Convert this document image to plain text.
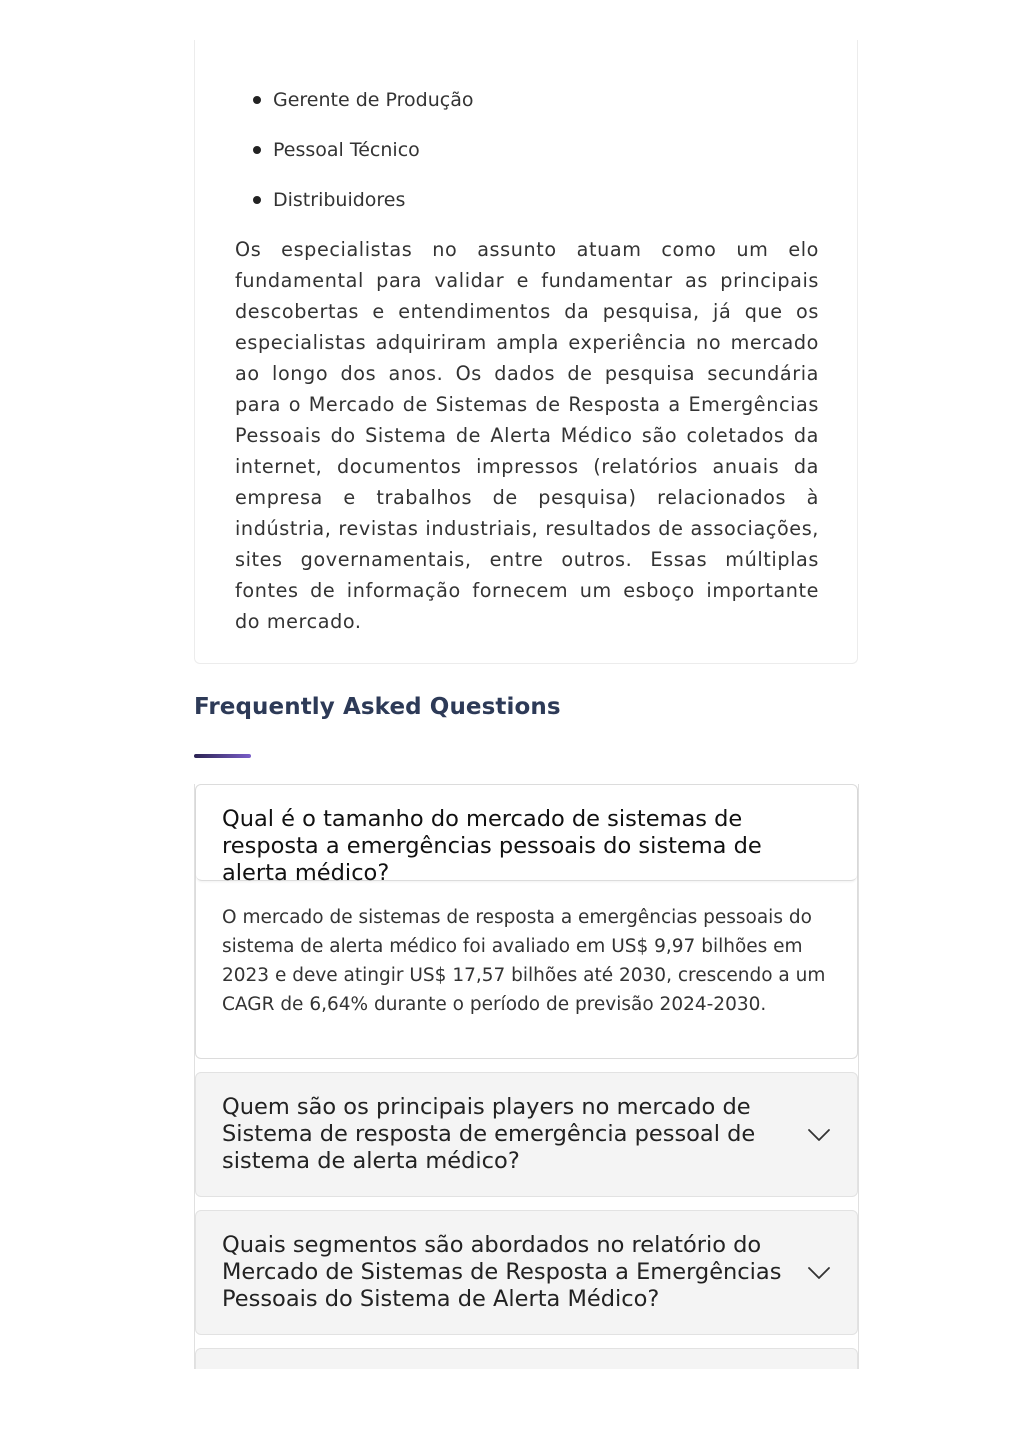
Gerente de Produção
Pessoal Técnico
Distribuidores

Os especialistas no assunto atuam como um elo fundamental para validar e fundamentar as principais descobertas e entendimentos da pesquisa, já que os especialistas adquiriram ampla experiência no mercado ao longo dos anos. Os dados de pesquisa secundária para o Mercado de Sistemas de Resposta a Emergências Pessoais do Sistema de Alerta Médico são coletados da internet, documentos impressos (relatórios anuais da empresa e trabalhos de pesquisa) relacionados à indústria, revistas industriais, resultados de associações, sites governamentais, entre outros. Essas múltiplas fontes de informação fornecem um esboço importante do mercado.

Frequently Asked Questions
Qual é o tamanho do mercado de sistemas de resposta a emergências pessoais do sistema de alerta médico?

O mercado de sistemas de resposta a emergências pessoais do sistema de alerta médico foi avaliado em US$ 9,97 bilhões em 2023 e deve atingir US$ 17,57 bilhões até 2030, crescendo a um CAGR de 6,64% durante o período de previsão 2024-2030.

Quem são os principais players no mercado de Sistema de resposta de emergência pessoal de sistema de alerta médico?
Quais segmentos são abordados no relatório do Mercado de Sistemas de Resposta a Emergências Pessoais do Sistema de Alerta Médico?
